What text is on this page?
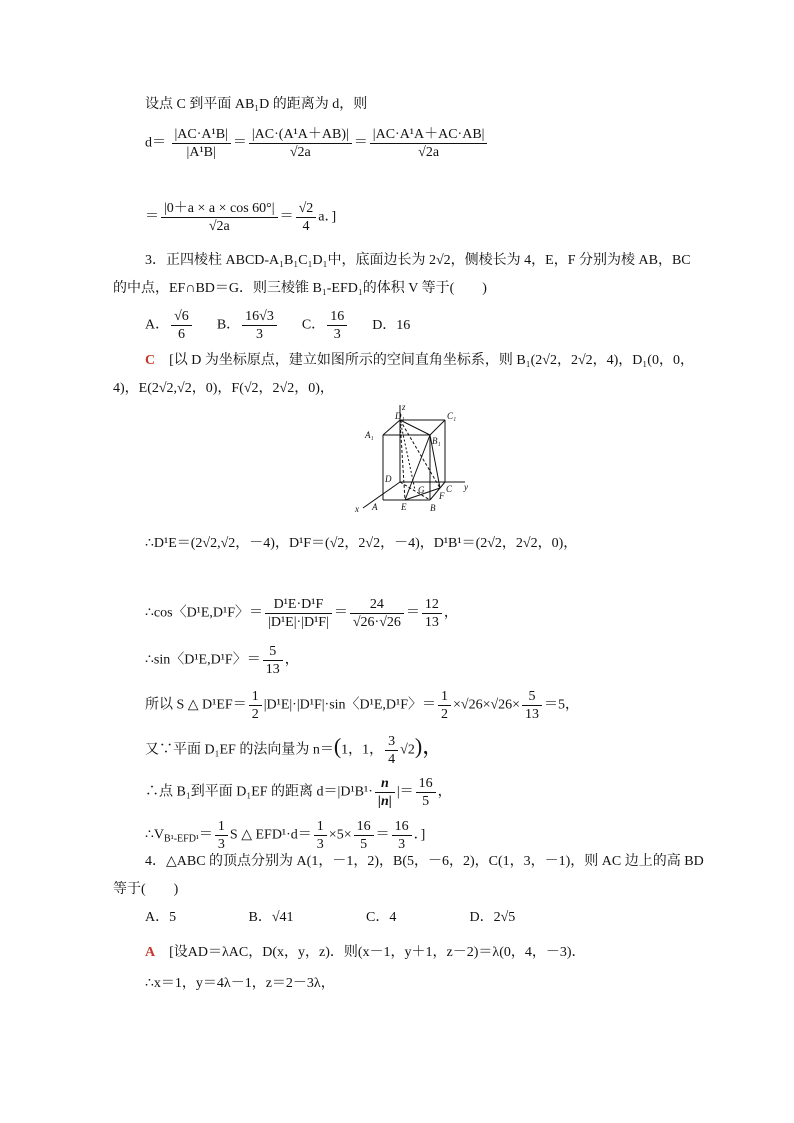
设点 C 到平面 AB₁D 的距离为 d，则
$d= \frac{\text{|AC·A¹B|}}{\text{|A¹B|}} = \frac{\text{|AC·(A¹A＋AB)|}}{√2a} = \frac{\text{|AC·A¹A＋AC·AB|}}{√2a}$
＝ $\frac{|0+a \times a \times \cos 60^\circ|}{√2a} = \frac{√2}{4}$ a．]
3．正四棱柱 ABCD-A₁B₁C₁D₁中，底面边长为 2√2，侧棱长为 4，E，F 分别为棱 AB，BC
的中点，EF∩BD＝G．则三棱锥 B₁-EFD₁的体积 V 等于(　　)
A． $\frac{√6}{6}$ B． $\frac{16√3}{3}$ C． $\frac{16}{3}$ D．16
C　 [以 D 为坐标原点，建立如图所示的空间直角坐标系，则 B₁(2√2，2√2，4)，D₁(0，0，
4)，E(2√2,√2，0)，F(√2，2√2，0)，
z
y
x
D₁	C₁
A₁
B₁
D
G C
F
A	E	B
∴D¹E＝(2√2,√2，－4)，D¹F＝(√2，2√2，－4)，D¹B¹＝(2√2，2√2，0)，
∴cos〈D¹E,D¹F〉＝ $\frac{\text{D¹E·D¹F}}{\text{|D¹E|·|D¹F|}} = \frac{24}{√26\cdot√26} = \frac{12}{13}$ ，
∴sin〈D¹E,D¹F〉＝ $\frac{5}{13}$ ，
所以 S △ $D^1EF= \frac{1}{2} |D^1E|\cdot|D^1F|\cdot\sin$〈D¹E,D¹F〉＝ $\frac{1}{2} \times√26\times√26\times \frac{5}{13} =5$，
又∵平面 D₁EF 的法向量为 n＝(1，1， $\frac{3}{4} √2$)，
∴点 B₁到平面 D₁EF 的距离 $d=|D^1B^1\cdot \frac{n}{|n|}$ |＝ $\frac{16}{5}$ ，
$\therefore V_{B^1-EFD^1}= \frac{1}{3}$ S △ $EFD^1\cdot d= \frac{1}{3} \times 5\times \frac{16}{5} = \frac{16}{3}$ ．]
4．△ABC 的顶点分别为 A(1，－1，2)，B(5，－6，2)，C(1，3，－1)，则 AC 边上的高 BD
等于(　　)
A．5	B．√41	C．4	D．2√5
A　 [设AD＝λAC，D(x，y，z)．则(x－1，y＋1，z－2)＝λ(0，4，－3)．
∴x＝1，y＝4λ－1，z＝2－3λ，
